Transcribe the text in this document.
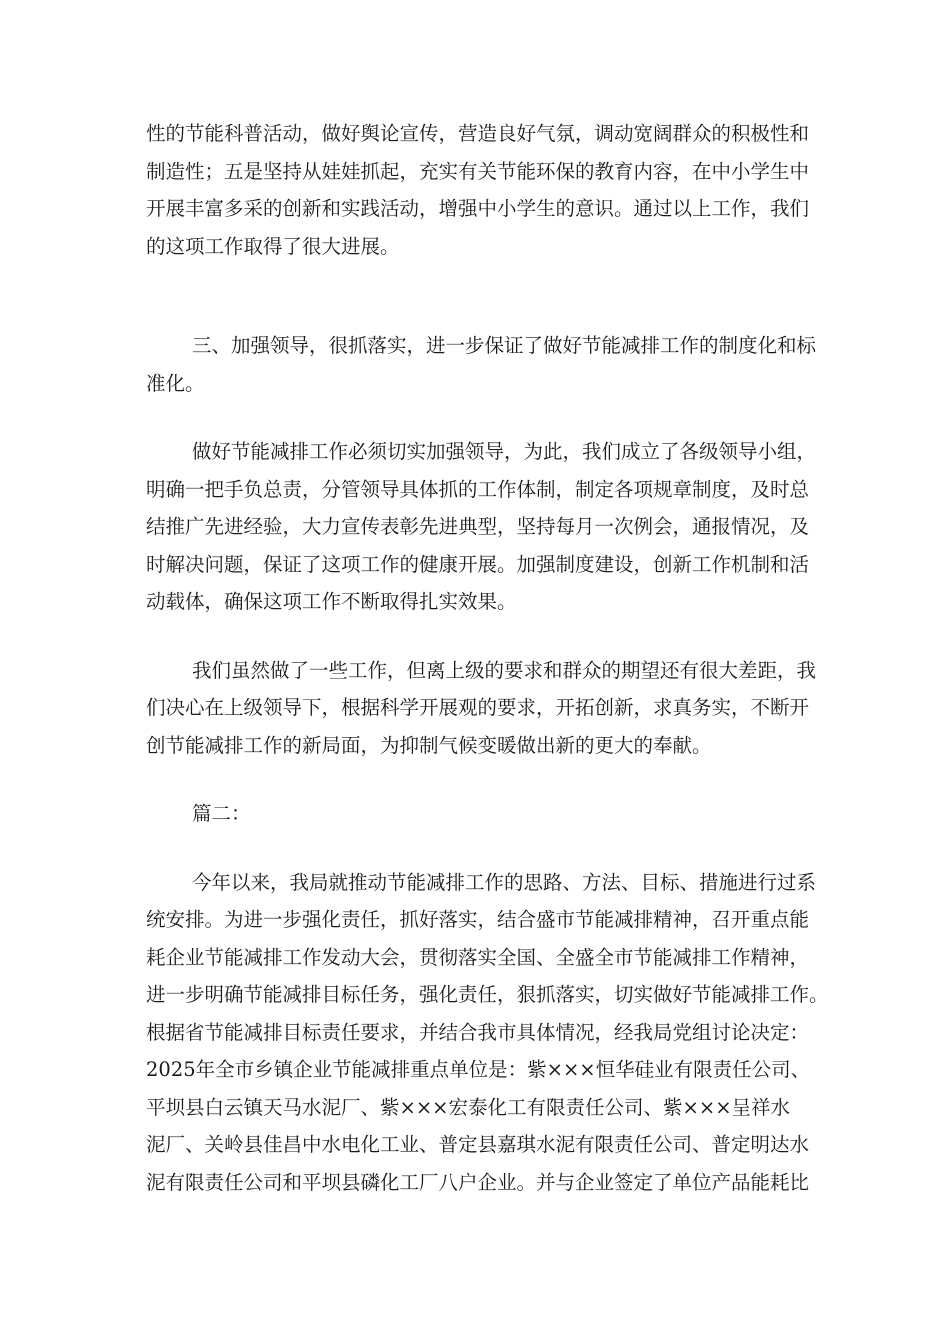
性的节能科普活动，做好舆论宣传，营造良好气氛，调动宽阔群众的积极性和
制造性；五是坚持从娃娃抓起，充实有关节能环保的教育内容，在中小学生中
开展丰富多采的创新和实践活动，增强中小学生的意识。通过以上工作，我们
的这项工作取得了很大进展。
三、加强领导，很抓落实，进一步保证了做好节能减排工作的制度化和标
准化。
做好节能减排工作必须切实加强领导，为此，我们成立了各级领导小组，
明确一把手负总责，分管领导具体抓的工作体制，制定各项规章制度，及时总
结推广先进经验，大力宣传表彰先进典型，坚持每月一次例会，通报情况，及
时解决问题，保证了这项工作的健康开展。加强制度建设，创新工作机制和活
动载体，确保这项工作不断取得扎实效果。
我们虽然做了一些工作，但离上级的要求和群众的期望还有很大差距，我
们决心在上级领导下，根据科学开展观的要求，开拓创新，求真务实，不断开
创节能减排工作的新局面，为抑制气候变暖做出新的更大的奉献。
篇二：
今年以来，我局就推动节能减排工作的思路、方法、目标、措施进行过系
统安排。为进一步强化责任，抓好落实，结合盛市节能减排精神，召开重点能
耗企业节能减排工作发动大会，贯彻落实全国、全盛全市节能减排工作精神，
进一步明确节能减排目标任务，强化责任，狠抓落实，切实做好节能减排工作。
根据省节能减排目标责任要求，并结合我市具体情况，经我局党组讨论决定：
2025年全市乡镇企业节能减排重点单位是：紫×××恒华硅业有限责任公司、
平坝县白云镇天马水泥厂、紫×××宏泰化工有限责任公司、紫×××呈祥水
泥厂、关岭县佳昌中水电化工业、普定县嘉琪水泥有限责任公司、普定明达水
泥有限责任公司和平坝县磷化工厂八户企业。并与企业签定了单位产品能耗比
